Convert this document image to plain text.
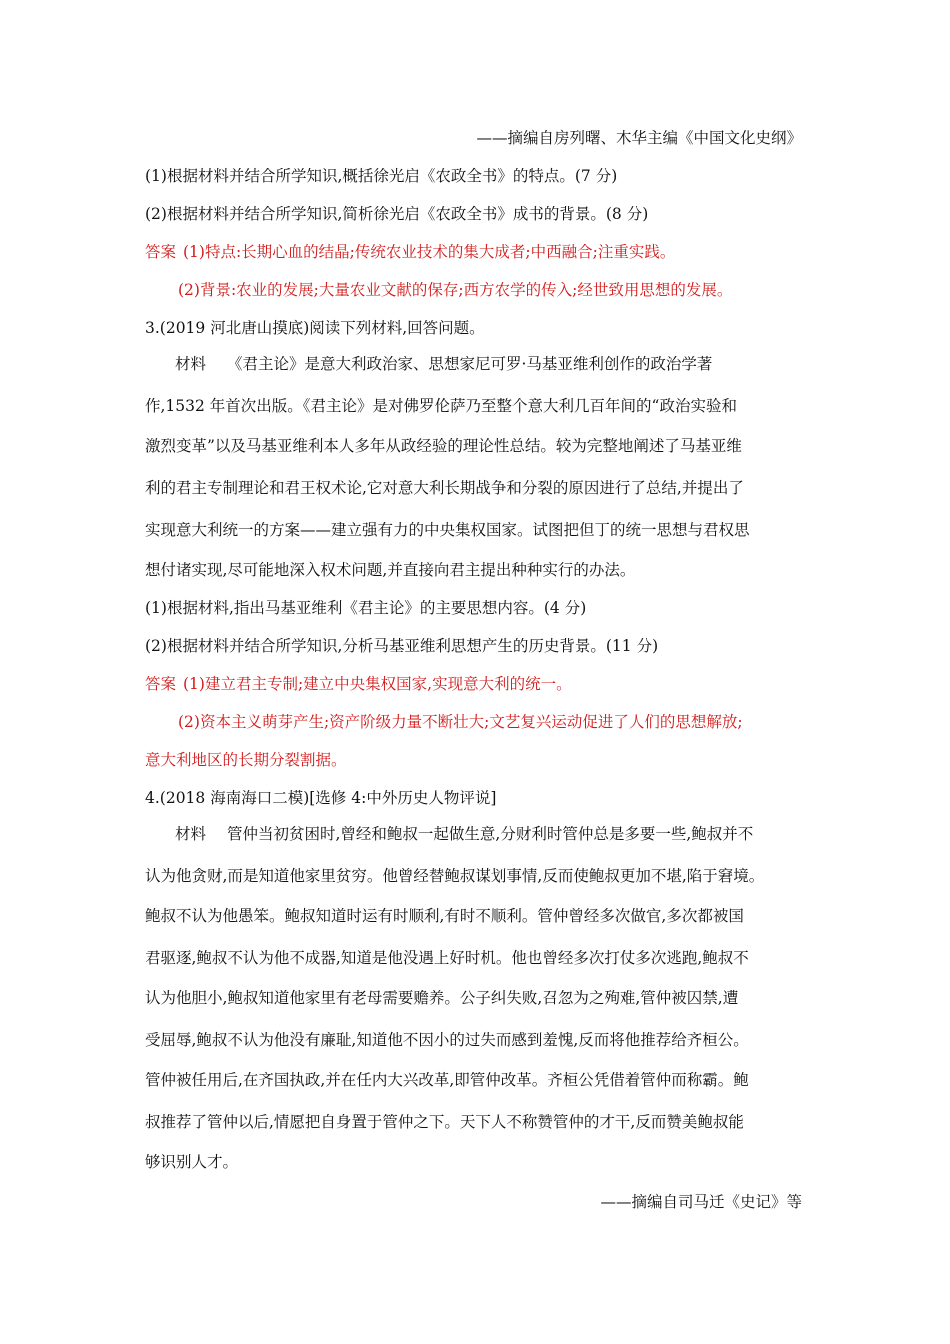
——摘编自房列曙、木华主编《中国文化史纲》
(1)根据材料并结合所学知识,概括徐光启《农政全书》的特点。(7 分)
(2)根据材料并结合所学知识,简析徐光启《农政全书》成书的背景。(8 分)
答案 (1)特点:长期心血的结晶;传统农业技术的集大成者;中西融合;注重实践。
(2)背景:农业的发展;大量农业文献的保存;西方农学的传入;经世致用思想的发展。
3.(2019 河北唐山摸底)阅读下列材料,回答问题。
材料 《君主论》是意大利政治家、思想家尼可罗·马基亚维利创作的政治学著
作,1532 年首次出版。《君主论》是对佛罗伦萨乃至整个意大利几百年间的“政治实验和
激烈变革”以及马基亚维利本人多年从政经验的理论性总结。较为完整地阐述了马基亚维
利的君主专制理论和君王权术论,它对意大利长期战争和分裂的原因进行了总结,并提出了
实现意大利统一的方案——建立强有力的中央集权国家。试图把但丁的统一思想与君权思
想付诸实现,尽可能地深入权术问题,并直接向君主提出种种实行的办法。
(1)根据材料,指出马基亚维利《君主论》的主要思想内容。(4 分)
(2)根据材料并结合所学知识,分析马基亚维利思想产生的历史背景。(11 分)
答案 (1)建立君主专制;建立中央集权国家,实现意大利的统一。
(2)资本主义萌芽产生;资产阶级力量不断壮大;文艺复兴运动促进了人们的思想解放;
意大利地区的长期分裂割据。
4.(2018 海南海口二模)[选修 4:中外历史人物评说]
材料 管仲当初贫困时,曾经和鲍叔一起做生意,分财利时管仲总是多要一些,鲍叔并不
认为他贪财,而是知道他家里贫穷。他曾经替鲍叔谋划事情,反而使鲍叔更加不堪,陷于窘境。
鲍叔不认为他愚笨。鲍叔知道时运有时顺利,有时不顺利。管仲曾经多次做官,多次都被国
君驱逐,鲍叔不认为他不成器,知道是他没遇上好时机。他也曾经多次打仗多次逃跑,鲍叔不
认为他胆小,鲍叔知道他家里有老母需要赡养。公子纠失败,召忽为之殉难,管仲被囚禁,遭
受屈辱,鲍叔不认为他没有廉耻,知道他不因小的过失而感到羞愧,反而将他推荐给齐桓公。
管仲被任用后,在齐国执政,并在任内大兴改革,即管仲改革。齐桓公凭借着管仲而称霸。鲍
叔推荐了管仲以后,情愿把自身置于管仲之下。天下人不称赞管仲的才干,反而赞美鲍叔能
够识别人才。
——摘编自司马迁《史记》等
